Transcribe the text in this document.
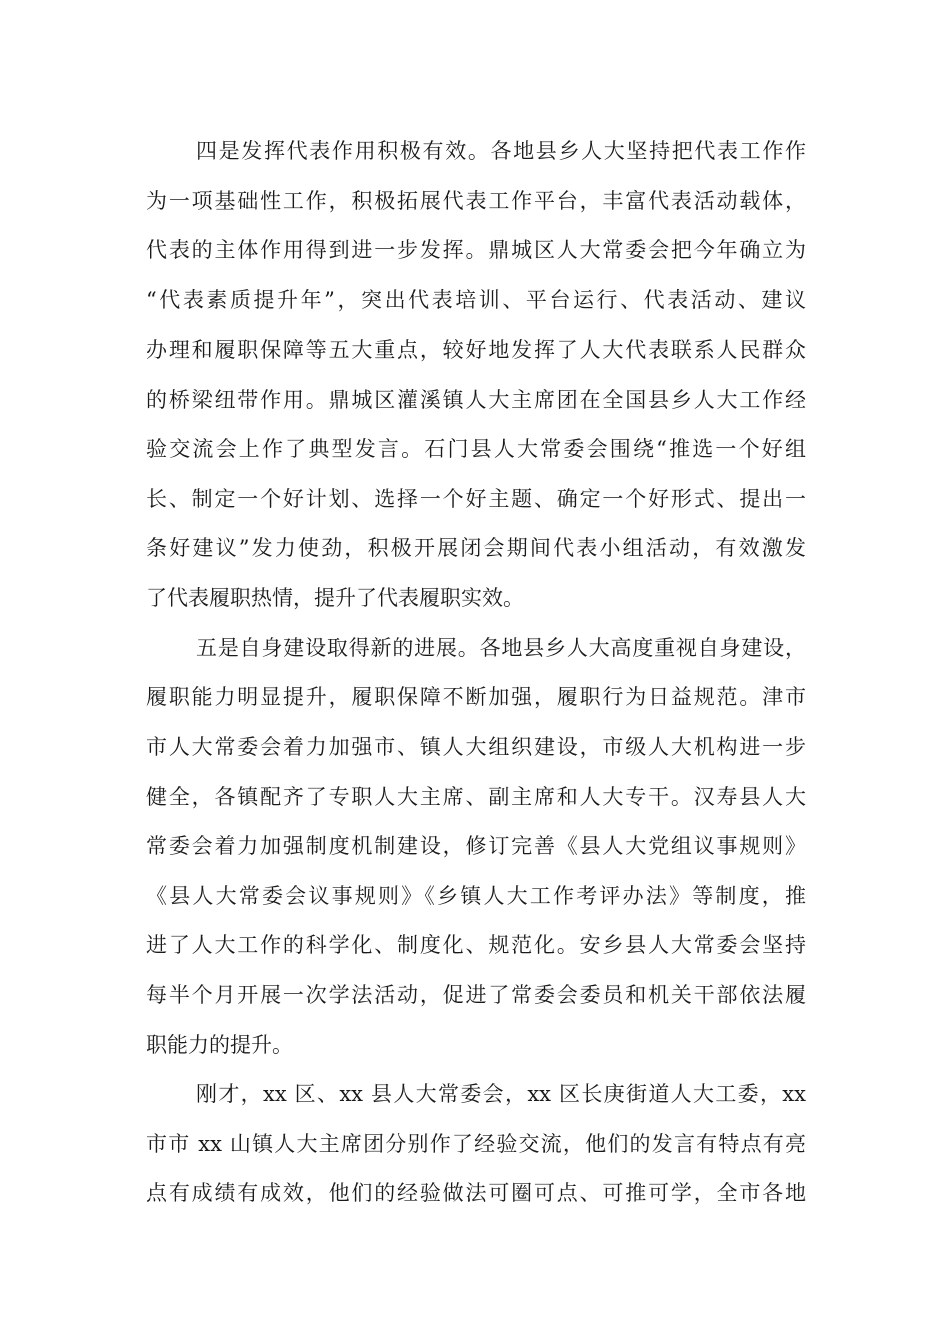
四是发挥代表作用积极有效。各地县乡人大坚持把代表工作作
为一项基础性工作，积极拓展代表工作平台，丰富代表活动载体，
代表的主体作用得到进一步发挥。鼎城区人大常委会把今年确立为
“代表素质提升年”，突出代表培训、平台运行、代表活动、建议
办理和履职保障等五大重点，较好地发挥了人大代表联系人民群众
的桥梁纽带作用。鼎城区灌溪镇人大主席团在全国县乡人大工作经
验交流会上作了典型发言。石门县人大常委会围绕“推选一个好组
长、制定一个好计划、选择一个好主题、确定一个好形式、提出一
条好建议”发力使劲，积极开展闭会期间代表小组活动，有效激发
了代表履职热情，提升了代表履职实效。
五是自身建设取得新的进展。各地县乡人大高度重视自身建设，
履职能力明显提升，履职保障不断加强，履职行为日益规范。津市
市人大常委会着力加强市、镇人大组织建设，市级人大机构进一步
健全，各镇配齐了专职人大主席、副主席和人大专干。汉寿县人大
常委会着力加强制度机制建设，修订完善《县人大党组议事规则》
《县人大常委会议事规则》《乡镇人大工作考评办法》等制度，推
进了人大工作的科学化、制度化、规范化。安乡县人大常委会坚持
每半个月开展一次学法活动，促进了常委会委员和机关干部依法履
职能力的提升。
刚才，xx 区、xx 县人大常委会，xx 区长庚街道人大工委，xx
市市 xx 山镇人大主席团分别作了经验交流，他们的发言有特点有亮
点有成绩有成效，他们的经验做法可圈可点、可推可学，全市各地
